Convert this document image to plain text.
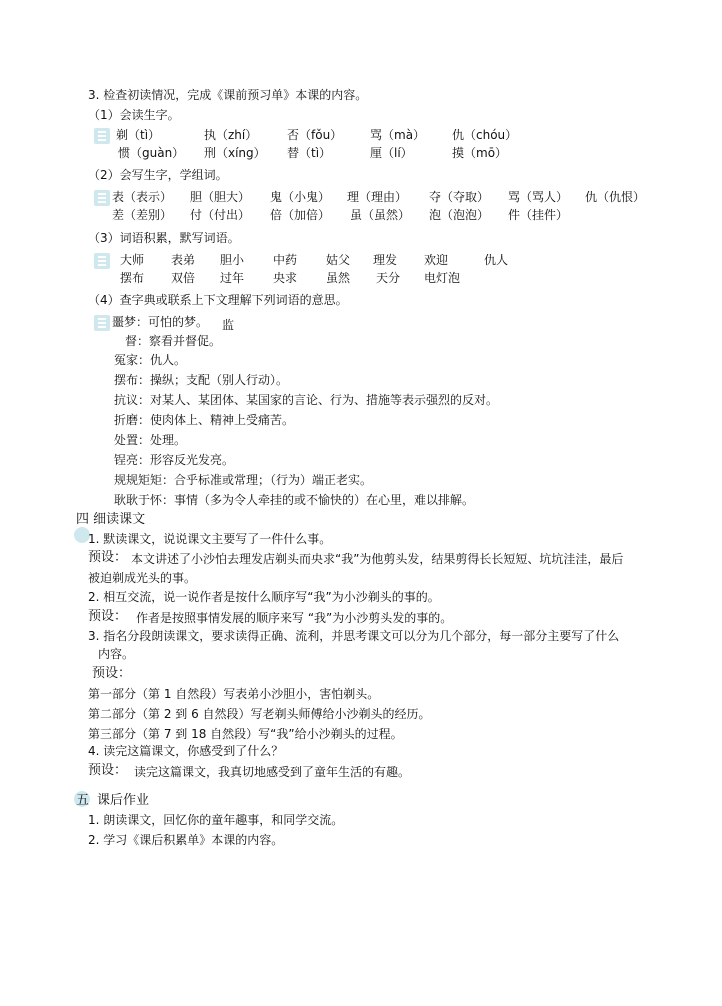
3. 检查初读情况，完成《课前预习单》本课的内容。
（1）会读生字。
剃（tì）	执（zhí） 否（fǒu） 骂（mà） 仇（chóu）
惯（guàn） 刑（xíng） 替（tì）	厘（lí）	摸（mō）
（2）会写生字，学组词。
表（表示） 胆（胆大） 鬼（小鬼） 理（理由） 夺（夺取） 骂（骂人） 仇（仇恨）
差（差别） 付（付出） 倍（加倍） 虽（虽然） 泡（泡泡） 件（挂件）
（3）词语积累，默写词语。
大师 表弟 胆小 中药 姑父 理发 欢迎	仇人
摆布 双倍 过年 央求 虽然 天分 电灯泡
（4）查字典或联系上下文理解下列词语的意思。
噩梦：可怕的梦。 监
督：察看并督促。
冤家：仇人。
摆布：操纵；支配（别人行动）。
抗议：对某人、某团体、某国家的言论、行为、措施等表示强烈的反对。
折磨：使肉体上、精神上受痛苦。
处置：处理。
锃亮：形容反光发亮。
规规矩矩：合乎标准或常理；（行为）端正老实。
耿耿于怀：事情（多为令人牵挂的或不愉快的）在心里，难以排解。
四 细读课文
1. 默读课文，说说课文主要写了一件什么事。
预设： 本文讲述了小沙怕去理发店剃头而央求“我”为他剪头发，结果剪得长长短短、坑坑洼洼，最后
被迫剃成光头的事。
2. 相互交流，说一说作者是按什么顺序写“我”为小沙剃头的事的。
预设： 作者是按照事情发展的顺序来写 “我”为小沙剪头发的事的。
3. 指名分段朗读课文，要求读得正确、流利，并思考课文可以分为几个部分，每一部分主要写了什么
内容。
预设：
第一部分（第 1 自然段）写表弟小沙胆小，害怕剃头。
第二部分（第 2 到 6 自然段）写老剃头师傅给小沙剃头的经历。
第三部分（第 7 到 18 自然段）写“我”给小沙剃头的过程。
4. 读完这篇课文，你感受到了什么？
预设： 读完这篇课文，我真切地感受到了童年生活的有趣。
五 课后作业
1. 朗读课文，回忆你的童年趣事，和同学交流。
2. 学习《课后积累单》本课的内容。
